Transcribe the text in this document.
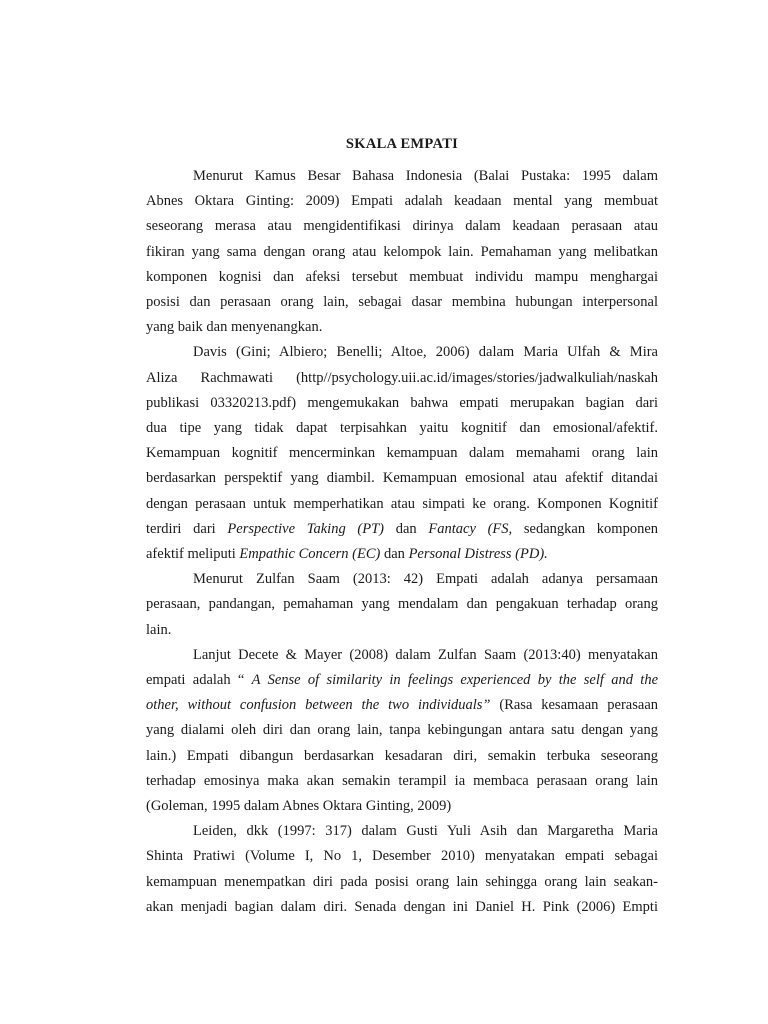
SKALA EMPATI
Menurut Kamus Besar Bahasa Indonesia (Balai Pustaka: 1995 dalam
Abnes Oktara Ginting: 2009) Empati adalah keadaan mental yang membuat
seseorang merasa atau mengidentifikasi dirinya dalam keadaan perasaan atau
fikiran yang sama dengan orang atau kelompok lain. Pemahaman yang melibatkan
komponen kognisi dan afeksi tersebut membuat individu mampu menghargai
posisi dan perasaan orang lain, sebagai dasar membina hubungan interpersonal
yang baik dan menyenangkan.
Davis (Gini; Albiero; Benelli; Altoe, 2006) dalam Maria Ulfah & Mira
Aliza Rachmawati (http//psychology.uii.ac.id/images/stories/jadwalkuliah/naskah
publikasi 03320213.pdf) mengemukakan bahwa empati merupakan bagian dari
dua tipe yang tidak dapat terpisahkan yaitu kognitif dan emosional/afektif.
Kemampuan kognitif mencerminkan kemampuan dalam memahami orang lain
berdasarkan perspektif yang diambil. Kemampuan emosional atau afektif ditandai
dengan perasaan untuk memperhatikan atau simpati ke orang. Komponen Kognitif
terdiri dari Perspective Taking (PT) dan Fantacy (FS, sedangkan komponen
afektif meliputi Empathic Concern (EC) dan Personal Distress (PD).
Menurut Zulfan Saam (2013: 42) Empati adalah adanya persamaan
perasaan, pandangan, pemahaman yang mendalam dan pengakuan terhadap orang
lain.
Lanjut Decete & Mayer (2008) dalam Zulfan Saam (2013:40) menyatakan
empati adalah “ A Sense of similarity in feelings experienced by the self and the
other, without confusion between the two individuals” (Rasa kesamaan perasaan
yang dialami oleh diri dan orang lain, tanpa kebingungan antara satu dengan yang
lain.) Empati dibangun berdasarkan kesadaran diri, semakin terbuka seseorang
terhadap emosinya maka akan semakin terampil ia membaca perasaan orang lain
(Goleman, 1995 dalam Abnes Oktara Ginting, 2009)
Leiden, dkk (1997: 317) dalam Gusti Yuli Asih dan Margaretha Maria
Shinta Pratiwi (Volume I, No 1, Desember 2010) menyatakan empati sebagai
kemampuan menempatkan diri pada posisi orang lain sehingga orang lain seakan-
akan menjadi bagian dalam diri. Senada dengan ini Daniel H. Pink (2006) Empti
